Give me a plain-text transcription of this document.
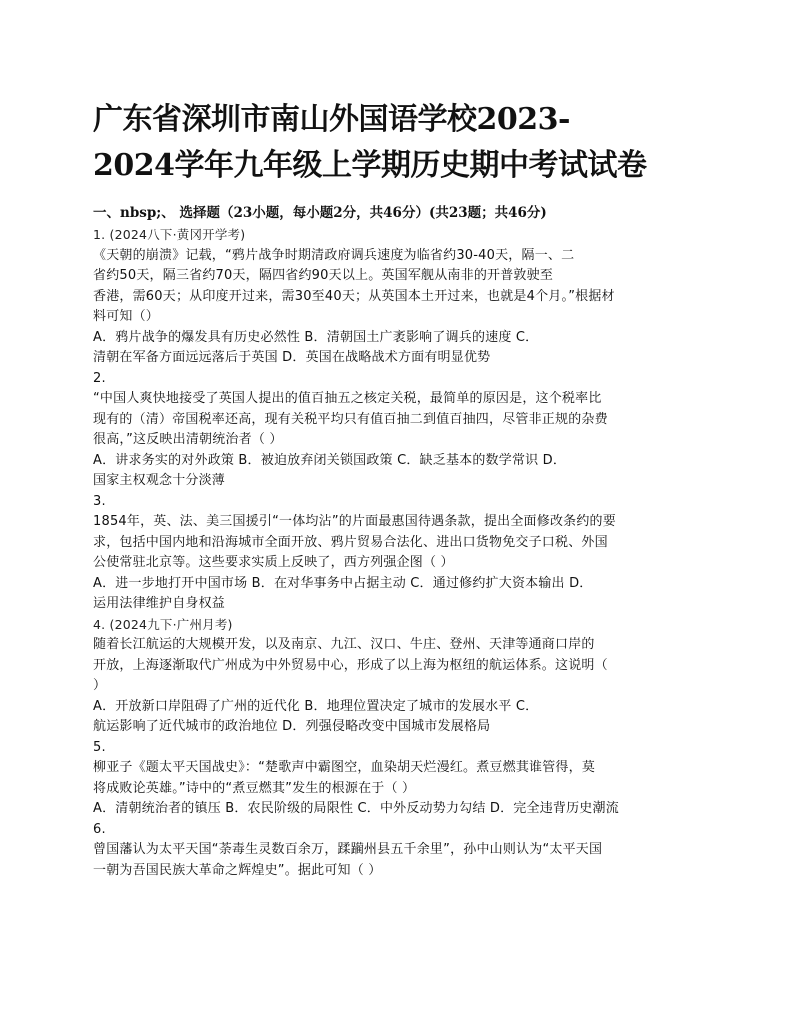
广东省深圳市南山外国语学校2023-
2024学年九年级上学期历史期中考试试卷
一、nbsp;、 选择题（23小题，每小题2分，共46分）(共23题；共46分)
1. (2024八下·黄冈开学考)
《天朝的崩溃》记载，“鸦片战争时期清政府调兵速度为临省约30-40天，隔一、二
省约50天，隔三省约70天，隔四省约90天以上。英国军舰从南非的开普敦驶至
香港，需60天；从印度开过来，需30至40天；从英国本土开过来，也就是4个月。”根据材
料可知（）
A．鸦片战争的爆发具有历史必然性 B．清朝国土广袤影响了调兵的速度 C．
清朝在军备方面远远落后于英国 D．英国在战略战术方面有明显优势
2.
“中国人爽快地接受了英国人提出的值百抽五之核定关税，最简单的原因是，这个税率比
现有的（清）帝国税率还高，现有关税平均只有值百抽二到值百抽四，尽管非正规的杂费
很高，”这反映出清朝统治者（ ）
A．讲求务实的对外政策 B．被迫放弃闭关锁国政策 C．缺乏基本的数学常识 D．
国家主权观念十分淡薄
3.
1854年，英、法、美三国援引“一体均沾”的片面最惠国待遇条款，提出全面修改条约的要
求，包括中国内地和沿海城市全面开放、鸦片贸易合法化、进出口货物免交子口税、外国
公使常驻北京等。这些要求实质上反映了，西方列强企图（ ）
A．进一步地打开中国市场 B．在对华事务中占据主动 C．通过修约扩大资本输出 D．
运用法律维护自身权益
4. (2024九下·广州月考)
随着长江航运的大规模开发，以及南京、九江、汉口、牛庄、登州、天津等通商口岸的
开放，上海逐渐取代广州成为中外贸易中心，形成了以上海为枢纽的航运体系。这说明（
）
A．开放新口岸阻碍了广州的近代化 B．地理位置决定了城市的发展水平 C．
航运影响了近代城市的政治地位 D．列强侵略改变中国城市发展格局
5.
柳亚子《题太平天国战史》：“楚歌声中霸图空，血染胡天烂漫红。煮豆燃萁谁管得，莫
将成败论英雄。”诗中的“煮豆燃萁”发生的根源在于（ ）
A．清朝统治者的镇压 B．农民阶级的局限性 C．中外反动势力勾结 D．完全违背历史潮流
6.
曾国藩认为太平天国“荼毒生灵数百余万，蹂躏州县五千余里”，孙中山则认为“太平天国
一朝为吾国民族大革命之辉煌史”。据此可知（ ）
